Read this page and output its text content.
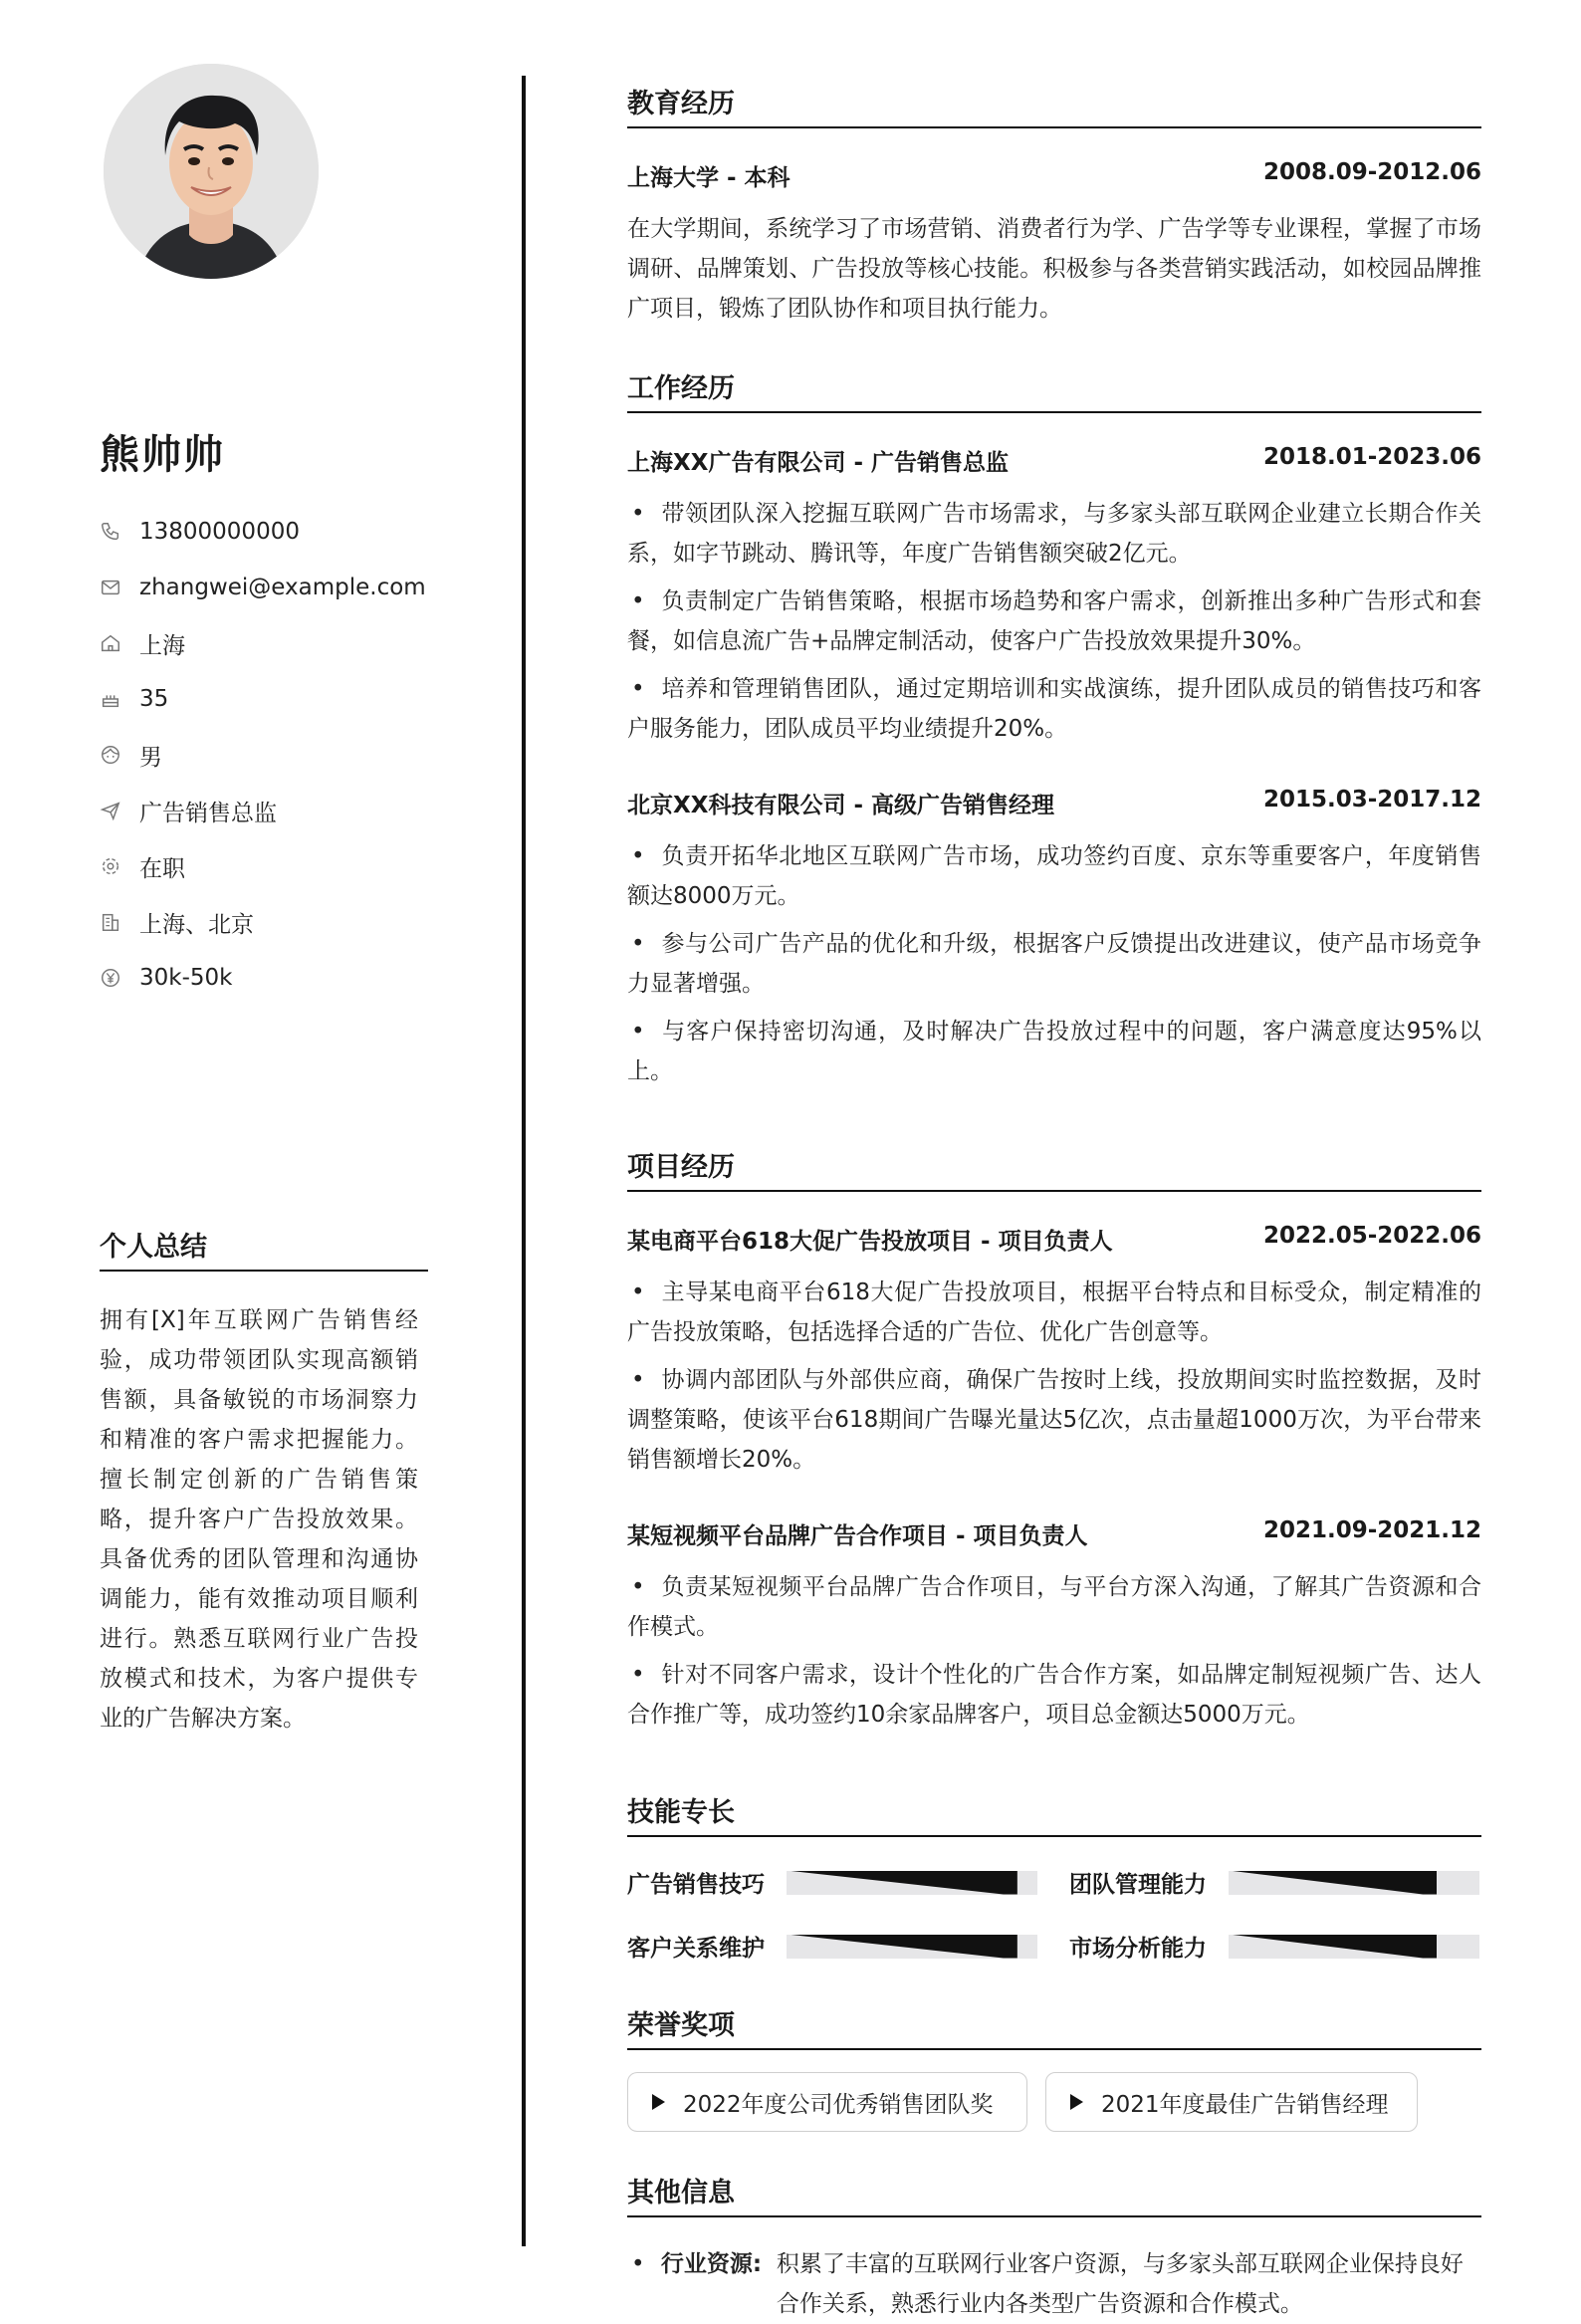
熊帅帅
13800000000
zhangwei@example.com
上海
35
男
广告销售总监
在职
上海、北京
30k-50k
个人总结
拥有[X]年互联网广告销售经验，成功带领团队实现高额销售额，具备敏锐的市场洞察力和精准的客户需求把握能力。擅长制定创新的广告销售策略，提升客户广告投放效果。具备优秀的团队管理和沟通协调能力，能有效推动项目顺利进行。熟悉互联网行业广告投放模式和技术，为客户提供专业的广告解决方案。
教育经历
上海大学 - 本科	2008.09-2012.06
在大学期间，系统学习了市场营销、消费者行为学、广告学等专业课程，掌握了市场调研、品牌策划、广告投放等核心技能。积极参与各类营销实践活动，如校园品牌推广项目，锻炼了团队协作和项目执行能力。
工作经历
上海XX广告有限公司 - 广告销售总监	2018.01-2023.06
• 带领团队深入挖掘互联网广告市场需求，与多家头部互联网企业建立长期合作关系，如字节跳动、腾讯等，年度广告销售额突破2亿元。
• 负责制定广告销售策略，根据市场趋势和客户需求，创新推出多种广告形式和套餐，如信息流广告+品牌定制活动，使客户广告投放效果提升30%。
• 培养和管理销售团队，通过定期培训和实战演练，提升团队成员的销售技巧和客户服务能力，团队成员平均业绩提升20%。
北京XX科技有限公司 - 高级广告销售经理	2015.03-2017.12
• 负责开拓华北地区互联网广告市场，成功签约百度、京东等重要客户，年度销售额达8000万元。
• 参与公司广告产品的优化和升级，根据客户反馈提出改进建议，使产品市场竞争力显著增强。
• 与客户保持密切沟通，及时解决广告投放过程中的问题，客户满意度达95%以上。
项目经历
某电商平台618大促广告投放项目 - 项目负责人	2022.05-2022.06
• 主导某电商平台618大促广告投放项目，根据平台特点和目标受众，制定精准的广告投放策略，包括选择合适的广告位、优化广告创意等。
• 协调内部团队与外部供应商，确保广告按时上线，投放期间实时监控数据，及时调整策略，使该平台618期间广告曝光量达5亿次，点击量超1000万次，为平台带来销售额增长20%。
某短视频平台品牌广告合作项目 - 项目负责人	2021.09-2021.12
• 负责某短视频平台品牌广告合作项目，与平台方深入沟通，了解其广告资源和合作模式。
• 针对不同客户需求，设计个性化的广告合作方案，如品牌定制短视频广告、达人合作推广等，成功签约10余家品牌客户，项目总金额达5000万元。
技能专长
广告销售技巧	团队管理能力
客户关系维护	市场分析能力
荣誉奖项
2022年度公司优秀销售团队奖	2021年度最佳广告销售经理
其他信息
• 行业资源: 积累了丰富的互联网行业客户资源，与多家头部互联网企业保持良好合作关系，熟悉行业内各类型广告资源和合作模式。
